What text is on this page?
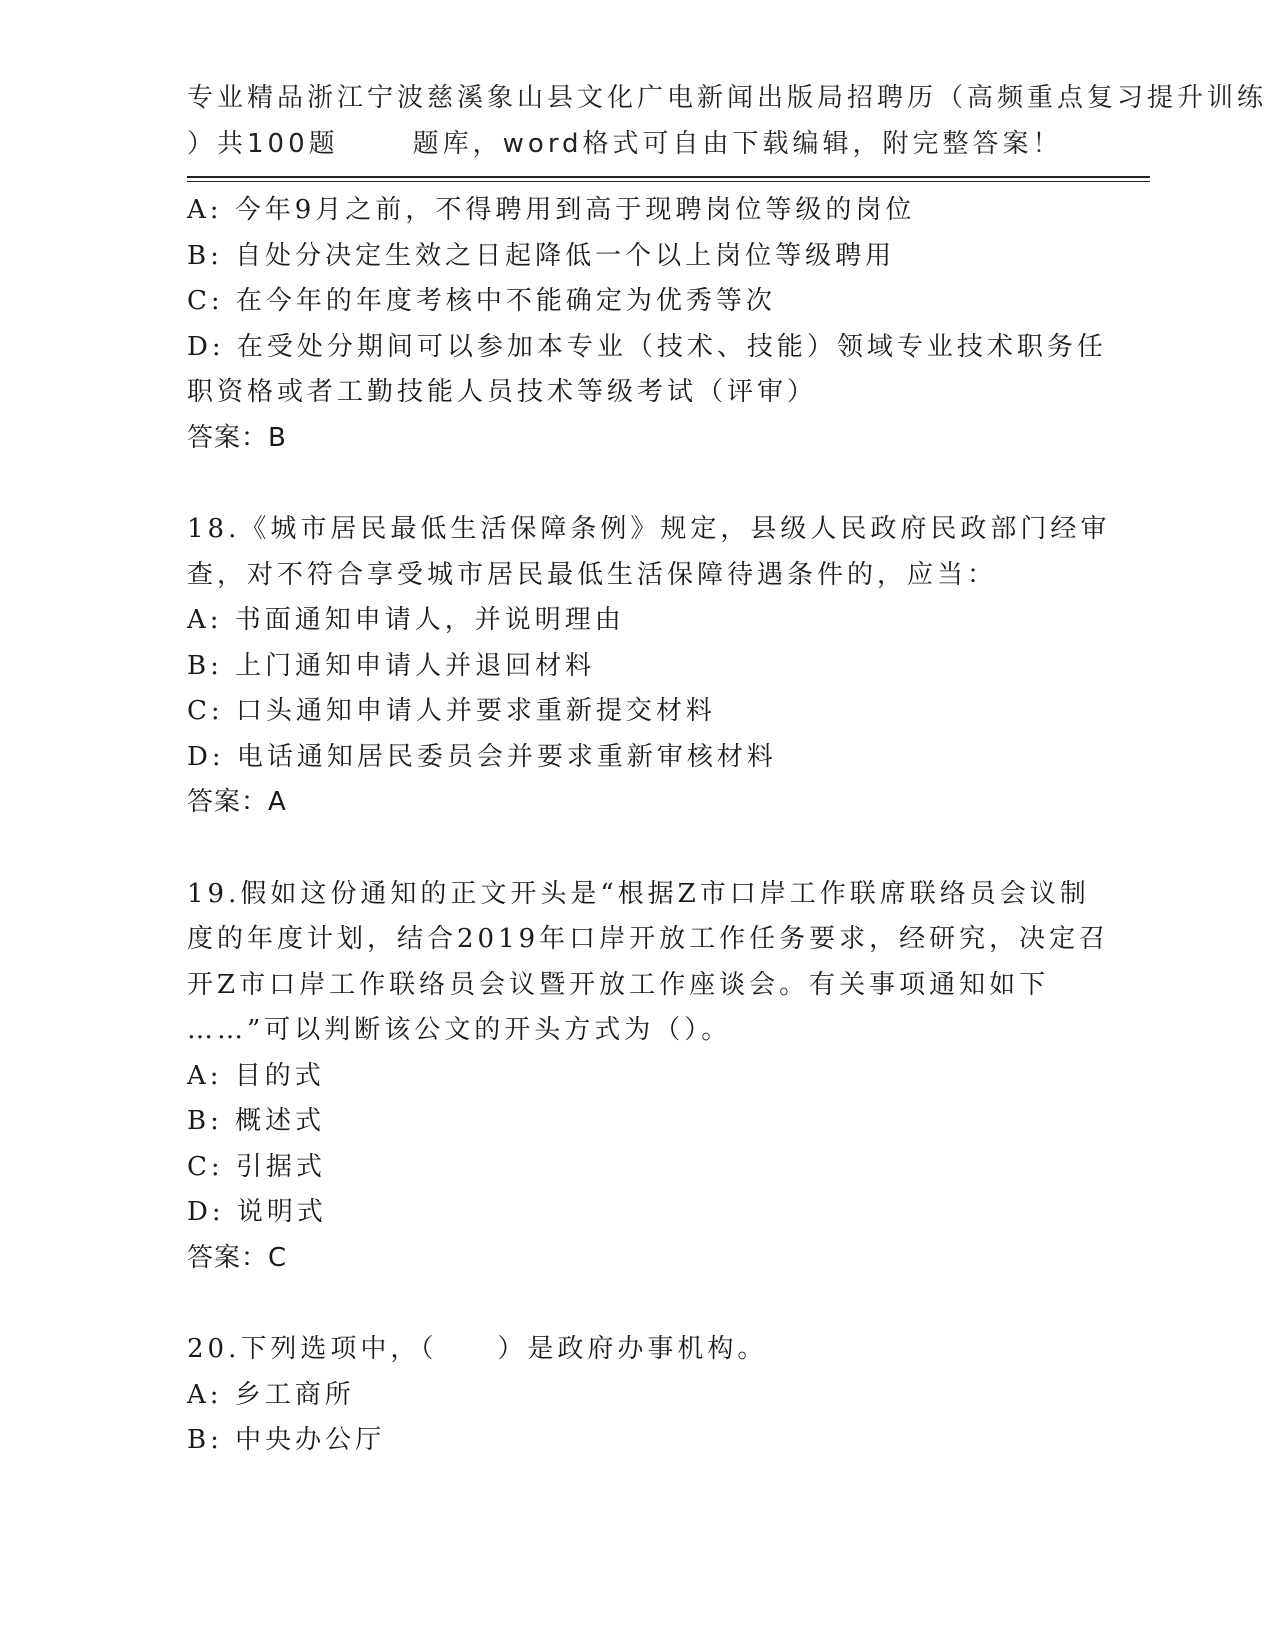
专业精品浙江宁波慈溪象山县文化广电新闻出版局招聘历（高频重点复习提升训练
）共100题	题库，word格式可自由下载编辑，附完整答案！
A: 今年9月之前，不得聘用到高于现聘岗位等级的岗位
B: 自处分决定生效之日起降低一个以上岗位等级聘用
C: 在今年的年度考核中不能确定为优秀等次
D: 在受处分期间可以参加本专业（技术、技能）领域专业技术职务任
职资格或者工勤技能人员技术等级考试（评审）
答案：B
18.《城市居民最低生活保障条例》规定，县级人民政府民政部门经审
查，对不符合享受城市居民最低生活保障待遇条件的，应当：
A: 书面通知申请人，并说明理由
B: 上门通知申请人并退回材料
C: 口头通知申请人并要求重新提交材料
D: 电话通知居民委员会并要求重新审核材料
答案：A
19.假如这份通知的正文开头是“根据Z市口岸工作联席联络员会议制
度的年度计划，结合2019年口岸开放工作任务要求，经研究，决定召
开Z市口岸工作联络员会议暨开放工作座谈会。有关事项通知如下
……”可以判断该公文的开头方式为（）。
A: 目的式
B: 概述式
C: 引据式
D: 说明式
答案：C
20.下列选项中，（　　）是政府办事机构。
A: 乡工商所
B: 中央办公厅
